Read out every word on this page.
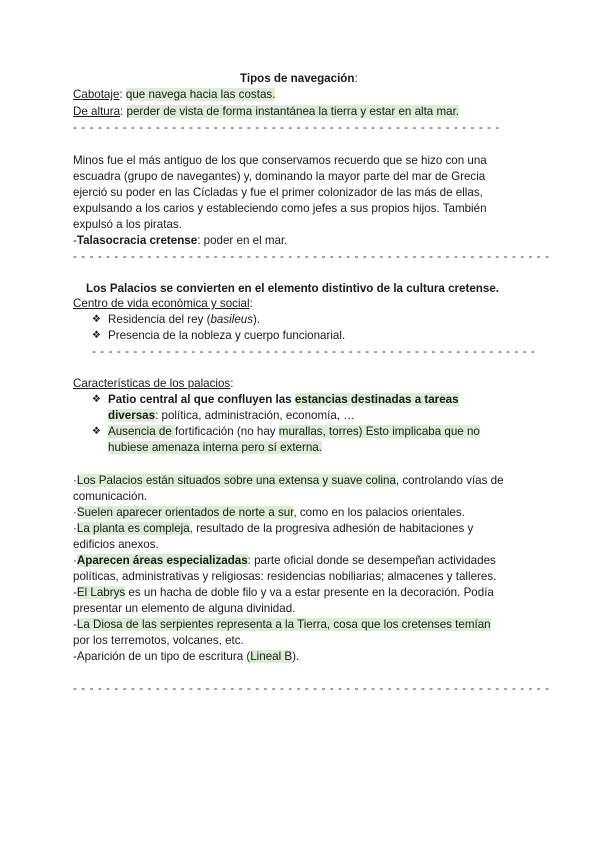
Tipos de navegación:
Cabotaje: que navega hacia las costas.
De altura: perder de vista de forma instantánea la tierra y estar en alta mar.
- - - - - - - - - - - - - - - - - - - - - - - - - - - - - - - - - - - - - - - - - - - - - - - - - - - -
Minos fue el más antiguo de los que conservamos recuerdo que se hizo con una
escuadra (grupo de navegantes) y, dominando la mayor parte del mar de Grecia
ejerció su poder en las Cícladas y fue el primer colonizador de las más de ellas,
expulsando a los carios y estableciendo como jefes a sus propios hijos. También
expulsó a los piratas.
-Talasocracia cretense: poder en el mar.
- - - - - - - - - - - - - - - - - - - - - - - - - - - - - - - - - - - - - - - - - - - - - - - - - - - - - - - - - -
Los Palacios se convierten en el elemento distintivo de la cultura cretense.
Centro de vida económica y social:
❖ Residencia del rey (basileus).
❖ Presencia de la nobleza y cuerpo funcionarial.
- - - - - - - - - - - - - - - - - - - - - - - - - - - - - - - - - - - - - - - - - - - - - - - - - - - - - -
Características de los palacios:
❖ Patio central al que confluyen las estancias destinadas a tareas
diversas: política, administración, economía, …
❖ Ausencia de fortificación (no hay murallas, torres) Esto implicaba que no
hubiese amenaza interna pero sí externa.
·Los Palacios están situados sobre una extensa y suave colina, controlando vías de
comunicación.
·Suelen aparecer orientados de norte a sur, como en los palacios orientales.
·La planta es compleja, resultado de la progresiva adhesión de habitaciones y
edificios anexos.
·Aparecen áreas especializadas: parte oficial donde se desempeñan actividades
políticas, administrativas y religiosas: residencias nobiliarias; almacenes y talleres.
-El Labrys es un hacha de doble filo y va a estar presente en la decoración. Podía
presentar un elemento de alguna divinidad.
-La Diosa de las serpientes representa a la Tierra, cosa que los cretenses temían
por los terremotos, volcanes, etc.
-Aparición de un tipo de escritura (Lineal B).
- - - - - - - - - - - - - - - - - - - - - - - - - - - - - - - - - - - - - - - - - - - - - - - - - - - - - - - - - -
